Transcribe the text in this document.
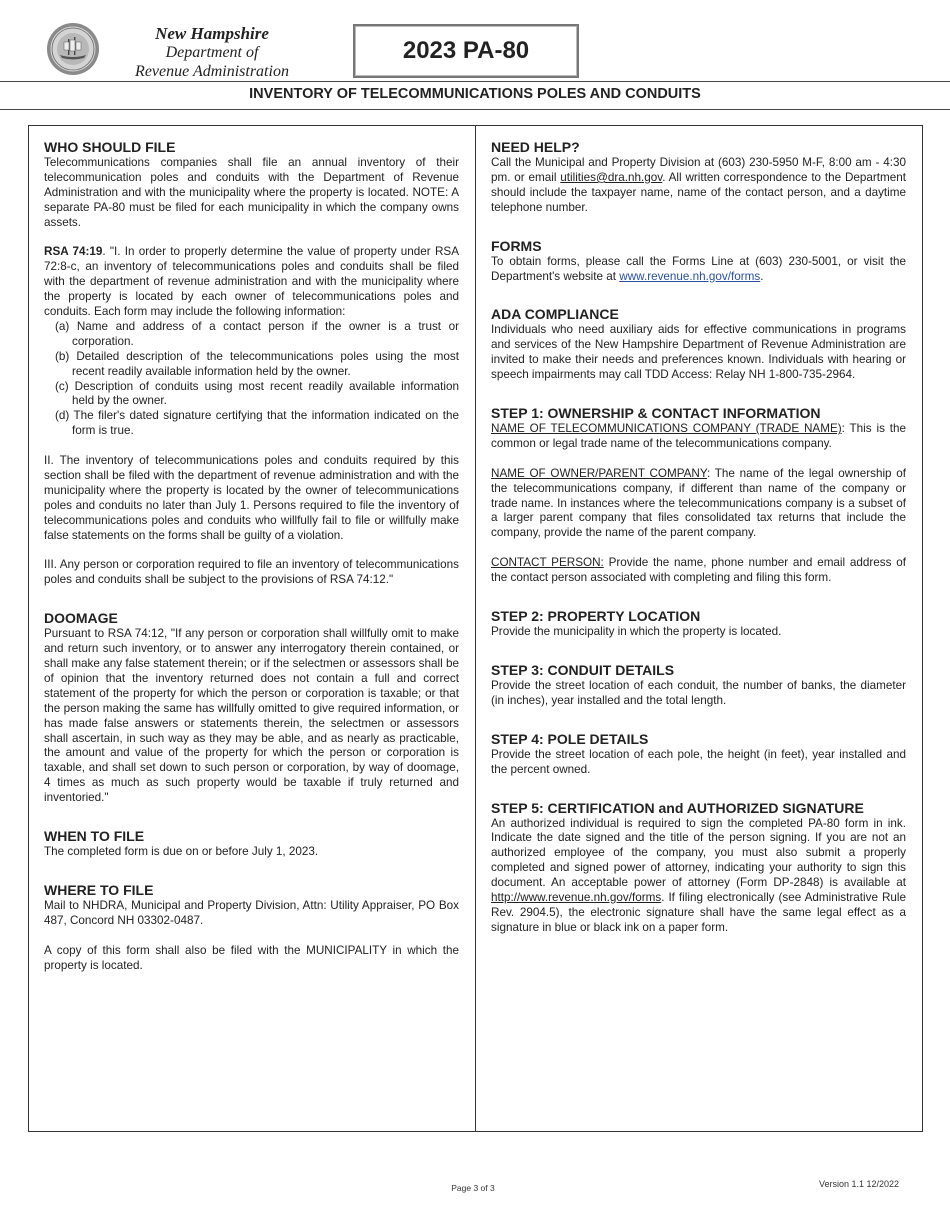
New Hampshire
Department of
Revenue Administration
2023 PA-80
INVENTORY OF TELECOMMUNICATIONS POLES AND CONDUITS
WHO SHOULD FILE

Telecommunications companies shall file an annual inventory of their telecommunication poles and conduits with the Department of Revenue Administration and with the municipality where the property is located. NOTE: A separate PA-80 must be filed for each municipality in which the company owns assets.

RSA 74:19. "I. In order to properly determine the value of property under RSA 72:8-c, an inventory of telecommunications poles and conduits shall be filed with the department of revenue administration and with the municipality where the property is located by each owner of telecommunications poles and conduits. Each form may include the following information:

(a) Name and address of a contact person if the owner is a trust or corporation.
(b) Detailed description of the telecommunications poles using the most recent readily available information held by the owner.
(c) Description of conduits using most recent readily available information held by the owner.
(d) The filer's dated signature certifying that the information indicated on the form is true.

II. The inventory of telecommunications poles and conduits required by this section shall be filed with the department of revenue administration and with the municipality where the property is located by the owner of telecommunications poles and conduits no later than July 1. Persons required to file the inventory of telecommunications poles and conduits who willfully fail to file or willfully make false statements on the forms shall be guilty of a violation.

III. Any person or corporation required to file an inventory of telecommunications poles and conduits shall be subject to the provisions of RSA 74:12."

DOOMAGE

Pursuant to RSA 74:12, "If any person or corporation shall willfully omit to make and return such inventory, or to answer any interrogatory therein contained, or shall make any false statement therein; or if the selectmen or assessors shall be of opinion that the inventory returned does not contain a full and correct statement of the property for which the person or corporation is taxable; or that the person making the same has willfully omitted to give required information, or has made false answers or statements therein, the selectmen or assessors shall ascertain, in such way as they may be able, and as nearly as practicable, the amount and value of the property for which the person or corporation is taxable, and shall set down to such person or corporation, by way of doomage, 4 times as much as such property would be taxable if truly returned and inventoried."

WHEN TO FILE

The completed form is due on or before July 1, 2023.

WHERE TO FILE

Mail to NHDRA, Municipal and Property Division, Attn: Utility Appraiser, PO Box 487, Concord NH 03302-0487.

A copy of this form shall also be filed with the MUNICIPALITY in which the property is located.

NEED HELP?

Call the Municipal and Property Division at (603) 230-5950 M-F, 8:00 am - 4:30 pm. or email utilities@dra.nh.gov. All written correspondence to the Department should include the taxpayer name, name of the contact person, and a daytime telephone number.

FORMS

To obtain forms, please call the Forms Line at (603) 230-5001, or visit the Department's website at www.revenue.nh.gov/forms.

ADA COMPLIANCE

Individuals who need auxiliary aids for effective communications in programs and services of the New Hampshire Department of Revenue Administration are invited to make their needs and preferences known. Individuals with hearing or speech impairments may call TDD Access: Relay NH 1-800-735-2964.

STEP 1: OWNERSHIP & CONTACT INFORMATION

NAME OF TELECOMMUNICATIONS COMPANY (TRADE NAME): This is the common or legal trade name of the telecommunications company.

NAME OF OWNER/PARENT COMPANY: The name of the legal ownership of the telecommunications company, if different than name of the company or trade name. In instances where the telecommunications company is a subset of a larger parent company that files consolidated tax returns that include the company, provide the name of the parent company.

CONTACT PERSON: Provide the name, phone number and email address of the contact person associated with completing and filing this form.

STEP 2: PROPERTY LOCATION

Provide the municipality in which the property is located.

STEP 3: CONDUIT DETAILS

Provide the street location of each conduit, the number of banks, the diameter (in inches), year installed and the total length.

STEP 4: POLE DETAILS

Provide the street location of each pole, the height (in feet), year installed and the percent owned.

STEP 5: CERTIFICATION and AUTHORIZED SIGNATURE

An authorized individual is required to sign the completed PA-80 form in ink. Indicate the date signed and the title of the person signing. If you are not an authorized employee of the company, you must also submit a properly completed and signed power of attorney, indicating your authority to sign this document. An acceptable power of attorney (Form DP-2848) is available at http://www.revenue.nh.gov/forms. If filing electronically (see Administrative Rule Rev. 2904.5), the electronic signature shall have the same legal effect as a signature in blue or black ink on a paper form.

Page 3 of 3	Version 1.1 12/2022
